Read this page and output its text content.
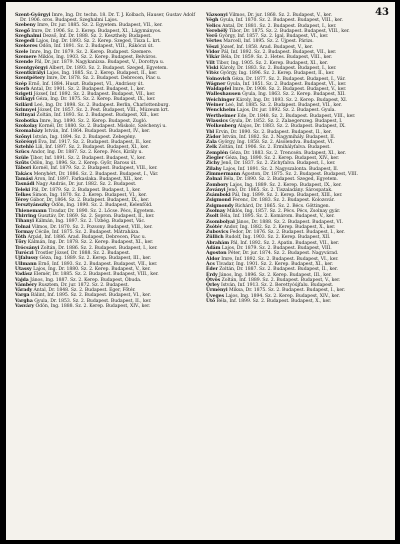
43
Szent-Györgyi Imre, Ing. Dr. techn. 18. Dr. T. J. Kolbach, Hauser, Gustav Adolf Dr. 1906. oros. Budapest. Szeghalmi Lajos.
Szebeny Imre, Dr. jur. 1885. Sz. 2. Egyetem. Budapest, VII., ker.
Szegő Imre, Dr. 1906. Sz. 2. Kerep. Budapest, XI., Lágymányos.
Szeghalmi Dezső, Inf. Dr. 1888. Sz. 2. Keszthely. Budapest.
Szegedi Lajos, Ing. Dr. 1893. Sz. 2. Kerep. Szeged, Tisza L. krt.
Szekeres Ödön, Inf. 1891. Sz. 2. Budapest, VIII., Rákóczi út.
Szele Imre, Ing. Dr. 1879. Sz. 2. Kerep. Budapest. Szemere.
Szemere Miklós, Ing. 1903. Sz. 2. Kerep. Budapest, Belváros.
Szende Pál, Dr. jur. 1879. Nagykanizsa. Budapest, V., Dorottya u.
Szentgyörgyi Albert, Dr. 1893. Sz. 2. Budapest. Szeged, Egyetem.
Szentkirályi Lajos, Ing. 1885. Sz. 2. Kerep. Budapest, II., ker.
Szentpétery Imre, Dr. 1878. Sz. 2. Budapest. Debrecen, Piac u.
Szép Ernő, Inf. 1884. Huszt. Budapest, VI., Andrássy út.
Szerb Antal, Dr. 1901. Sz. 2. Budapest. Budapest, I., ker.
Szigeti József, Inf. 1892. Sz. 2. Budapest. Budapest, VII., ker.
Szilágyi Géza, Ing. Dr. 1875. Sz. 2. Kerep. Budapest, IX., ker.
Szilárd Leó, Ing. Dr. 1898. Sz. 2. Budapest. Berlin, Charlottenburg.
Szinnyei József, Dr. 1857. Sz. 2. Pest. Budapest, VIII., Múzeum krt.
Szitnyai Zoltán, Inf. 1893. Sz. 2. Budapest. Budapest, XII., ker.
Szobotka Imre, Ing. 1890. Sz. 2. Kerep. Budapest, Zugló.
Szokolay Kornél, Dr. 1880. Sz. 2. Budapest. Miskolc, Széchenyi u.
Szomaházy István, Inf. 1864. Budapest. Budapest, IV., ker.
Szőnyi István, Ing. 1894. Sz. 2. Budapest. Zebegény.
Szörényi Éva, Inf. 1917. Sz. 2. Budapest. Budapest, II., ker.
Sztehló Lili, Inf. 1897. Sz. 2. Budapest. Budapest, XI., ker.
Szücs Andor, Ing. Dr. 1887. Sz. 2. Kerep. Pécs, Király u.
Szüle Tibor, Inf. 1891. Sz. 2. Budapest. Budapest, V., ker.
Szűts Ödön, Ing. 1896. Sz. 2. Kerep. Győr, Baross út.
Tábori Kornél, Inf. 1879. Sz. 2. Budapest. Budapest, VIII., ker.
Takács Menyhért, Dr. 1886. Sz. 2. Budapest. Budapest, I., Vár.
Tamási Áron, Inf. 1897. Farkaslaka. Budapest, XII., ker.
Tasnádi Nagy András, Dr. jur. 1882. Sz. 2. Budapest.
Teleki Pál, Dr. 1879. Sz. 2. Budapest. Budapest, I., ker.
Telkes Simon, Ing. 1870. Sz. 2. Kerep. Budapest, VI., ker.
Térey Gábor, Dr. 1864. Sz. 2. Budapest. Budapest, IX., ker.
Tersztyánszky Ödön, Ing. 1890. Sz. 2. Budapest, Kelenföld.
Thienemann Tivadar, Dr. 1890. Sz. 2. Lőcse. Pécs, Egyetem.
Thirring Gusztáv, Dr. 1869. Sz. 2. Sopron. Budapest, II., ker.
Tihanyi Kálmán, Ing. 1897. Sz. 2. Üzbég. Budapest, Vác.
Tolnai Vilmos, Dr. 1870. Sz. 2. Pozsony. Budapest, VIII., ker.
Tormay Cécile, Inf. 1875. Sz. 2. Budapest. Mátraháza.
Tóth Árpád, Inf. 1886. Arad. Budapest, Debrecen, Piac u.
Tőry Kálmán, Ing. Dr. 1878. Sz. 2. Kerep. Budapest, XI., ker.
Trócsányi Zoltán, Dr. 1886. Sz. 2. Budapest. Budapest, I., ker.
Turóczi Trostler József, Dr. 1888. Sz. 2. Budapest.
Ujfalussy Géza, Ing. 1889. Sz. 2. Kerep. Budapest, III., ker.
Ullmann Ernő, Inf. 1893. Sz. 2. Budapest. Budapest, VII., ker.
Utassy Lajos, Ing. Dr. 1880. Sz. 2. Kerep. Budapest, V., ker.
Vadász Elemér, Dr. 1885. Sz. 2. Budapest. Budapest, VIII., ker.
Vajda János, Ing. 1887. Sz. 2. Kerep. Budapest, Óbuda.
Vámbéry Rusztem, Dr. jur. 1872. Sz. 2. Budapest.
Várady Antal, Dr. 1848. Sz. 2. Budapest. Eger, Főtér.
Varga Bálint, Inf. 1895. Sz. 2. Budapest. Budapest, VI., ker.
Vargha Gyula, Dr. 1853. Sz. 2. Budapest. Budapest, II., ker.
Vasváry Ödön, Ing. 1888. Sz. 2. Kerep. Budapest, XIV., ker.
Vázsonyi Vilmos, Dr. jur. 1868. Sz. 2. Budapest, V., ker.
Végh Gyula, Inf. 1870. Sz. 2. Budapest. Budapest, VIII., ker.
Velics Antal, Dr. 1881. Sz. 2. Budapest. Budapest, I., ker.
Verebélÿ Tibor, Dr. 1875. Sz. 2. Budapest. Budapest, VIII., ker.
Verő György, Inf. 1857. Sz. 2. Igal. Budapest, VI., ker.
Vértes Marcell, Inf. 1895. Sz. 2. Újpest. Párizs.
Vészi József, Inf. 1858. Arad. Budapest, V., ker.
Vidor Pál, Inf. 1892. Sz. 2. Budapest. Budapest, VII., ker.
Vikár Béla, Dr. 1859. Sz. 2. Hetes. Budapest, VIII., ker.
Vilt Tibor, Ing. 1905. Sz. 2. Kerep. Budapest, XI., ker.
Viski Károly, Dr. 1883. Sz. 2. Budapest. Budapest, I., ker.
Vitéz György, Ing. 1896. Sz. 2. Kerep. Budapest, II., ker.
Voinovich Géza, Dr. 1877. Sz. 2. Budapest. Budapest, I., Vár.
Wágner Gyula, Inf. 1851. Sz. 2. Budapest. Budapest, VI., ker.
Waldapfel Imre, Dr. 1908. Sz. 2. Budapest. Budapest, V., ker.
Walleshausen Gyula, Ing. 1863. Sz. 2. Kerep. Budapest, XII.
Weichinger Károly, Ing. Dr. 1893. Sz. 2. Kerep. Budapest, XI.
Weiner Leó, Inf. 1885. Sz. 2. Budapest. Budapest, VII., ker.
Wenckheim Lajos, Dr. jur. 1892. Sz. 2. Budapest. Gyula.
Wertheimer Ede, Dr. 1848. Sz. 2. Budapest. Budapest, VIII., ker.
Wlassics Gyula, Dr. 1852. Sz. 2. Zalaegerszeg. Budapest, I.
Wolkenberg Alajos, Dr. 1883. Sz. 2. Budapest. Budapest, IX.
Ybl Ervin, Dr. 1890. Sz. 2. Budapest. Budapest, II., ker.
Zádor István, Inf. 1882. Sz. 2. Nagymihály. Budapest, II.
Zala György, Ing. 1858. Sz. 2. Alsólendva. Budapest, VI.
Zelk Zoltán, Inf. 1906. Sz. 2. Érmihályfalva. Budapest.
Zemplén Géza, Dr. 1883. Sz. 2. Trencsén. Budapest, XI., ker.
Ziegler Géza, Ing. 1890. Sz. 2. Kerep. Budapest, XIV., ker.
Zichy Jenő, Dr. 1837. Sz. 2. Zichyfalva. Budapest, I., ker.
Zilahy Lajos, Inf. 1891. Sz. 2. Nagyszalonta. Budapest, II.
Zimmermann Ágoston, Dr. 1875. Sz. 2. Budapest. Budapest, VIII.
Zolnai Béla, Dr. 1890. Sz. 2. Budapest. Szeged, Egyetem.
Zombory Lajos, Ing. 1889. Sz. 2. Kerep. Budapest, IX., ker.
Zoványi Jenő, Dr. 1865. Sz. 2. Tiszaladány. Sárospatak.
Zsámboki Pál, Ing. 1899. Sz. 2. Kerep. Budapest, XIII., ker.
Zsigmond Ferenc, Dr. 1883. Sz. 2. Budapest. Kolozsvár.
Zsigmondy Richárd, Dr. 1865. Sz. 2. Bécs. Göttingen.
Zsolnay Miklós, Ing. 1857. Sz. 2. Pécs. Pécs, Zsolnay gyár.
Zsolt Béla, Inf. 1895. Sz. 2. Komárom. Budapest, V., ker.
Zsombolyai János, Dr. 1888. Sz. 2. Budapest. Budapest, VI.
Zsótér Andor, Ing. 1882. Sz. 2. Kerep. Budapest, X., ker.
Zubovics Fedor, Dr. 1876. Sz. 2. Budapest. Budapest, I., ker.
Züllich Rudolf, Ing. 1903. Sz. 2. Kerep. Budapest, XII.
Ábrahám Pál, Inf. 1892. Sz. 2. Apatin. Budapest, VII., ker.
Ádám Lajos, Dr. 1879. Sz. 2. Budapest. Budapest, VIII.
Ágoston Péter, Dr. jur. 1874. Sz. 2. Budapest. Nagyvárad.
Áldor Imre, Inf. 1892. Sz. 2. Budapest. Budapest, VI., ker.
Ács Tivadar, Ing. 1901. Sz. 2. Kerep. Budapest, XI., ker.
Éder Zoltán, Dr. 1887. Sz. 2. Budapest. Budapest, II., ker.
Érdy János, Ing. 1896. Sz. 2. Kerep. Budapest, III., ker.
Ötvös Zoltán, Inf. 1889. Sz. 2. Budapest. Budapest, V., ker.
Örley István, Inf. 1913. Sz. 2. Berettyóújfalu. Budapest.
Ürményi Miksa, Dr. 1875. Sz. 2. Budapest. Budapest, I., ker.
Üveges Lajos, Ing. 1894. Sz. 2. Kerep. Budapest, XIV., ker.
Ütő Béla, Inf. 1899. Sz. 2. Budapest. Budapest, X., ker.
